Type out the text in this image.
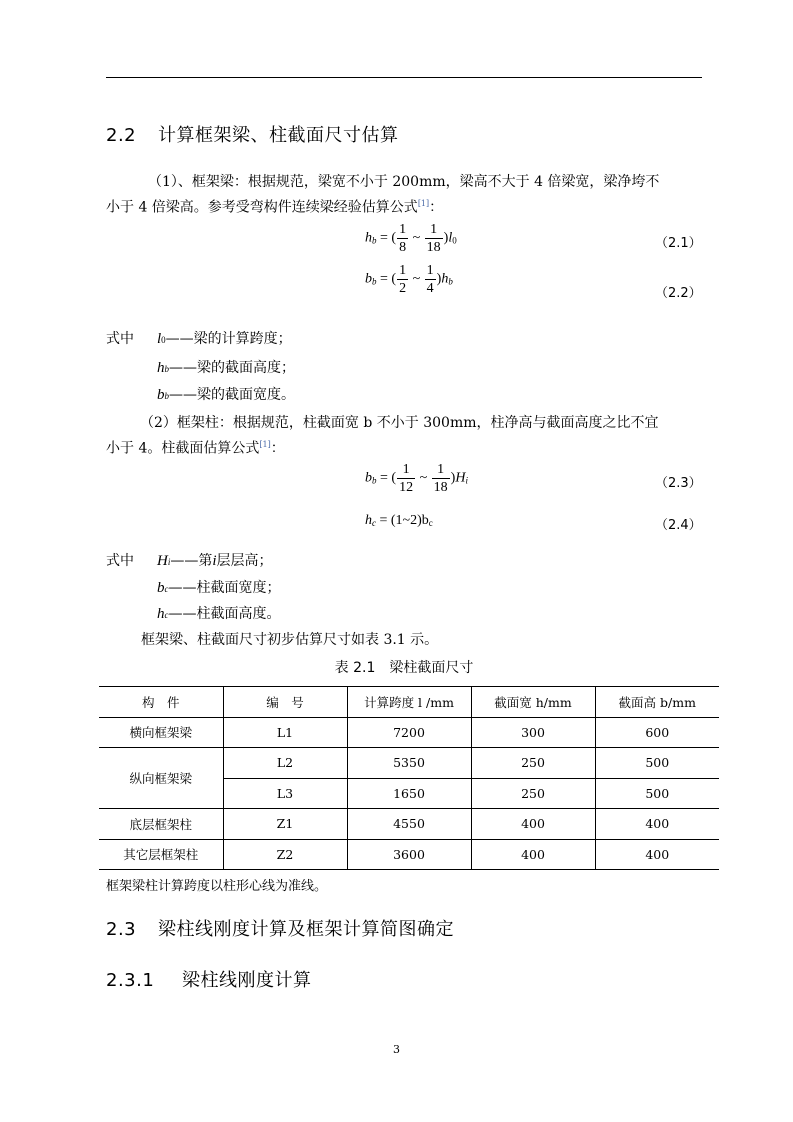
2.2 计算框架梁、柱截面尺寸估算
（1）、框架梁：根据规范，梁宽不小于 200mm，梁高不大于 4 倍梁宽，梁净垮不
小于 4 倍梁高。参考受弯构件连续梁经验估算公式[1]：
$h_b$ = ( $\frac{1}{8}$ ~ $\frac{1}{18} )l_0$	（2.1）
$b_b$ = ( $\frac{1}{2}$ ~ $\frac{1}{4} )h_b$
（2.2）
式中 l0——梁的计算跨度；
hb——梁的截面高度；
bb——梁的截面宽度。
（2）框架柱：根据规范，柱截面宽 b 不小于 300mm，柱净高与截面高度之比不宜
小于 4。柱截面估算公式[1]：
$b_b$ = ( $\frac{1}{12}$ ~ $\frac{1}{18} )H_i$	（2.3）
$h_c$ = $(1\sim 2)b_c$	（2.4）
式中 Hi——第i层层高；
bc——柱截面宽度；
hc——柱截面高度。
框架梁、柱截面尺寸初步估算尺寸如表 3.1 示。
表 2.1　梁柱截面尺寸
构　件	编　号	计算跨度 l /mm	截面宽 h/mm	截面高 b/mm
横向框架梁	L1	7200	300	600
纵向框架梁	L2	5350	250	500
	L3	1650	250	500
底层框架柱	Z1	4550	400	400
其它层框架柱	Z2	3600	400	400
框架梁柱计算跨度以柱形心线为准线。
2.3 梁柱线刚度计算及框架计算简图确定
2.3.1 梁柱线刚度计算
3
